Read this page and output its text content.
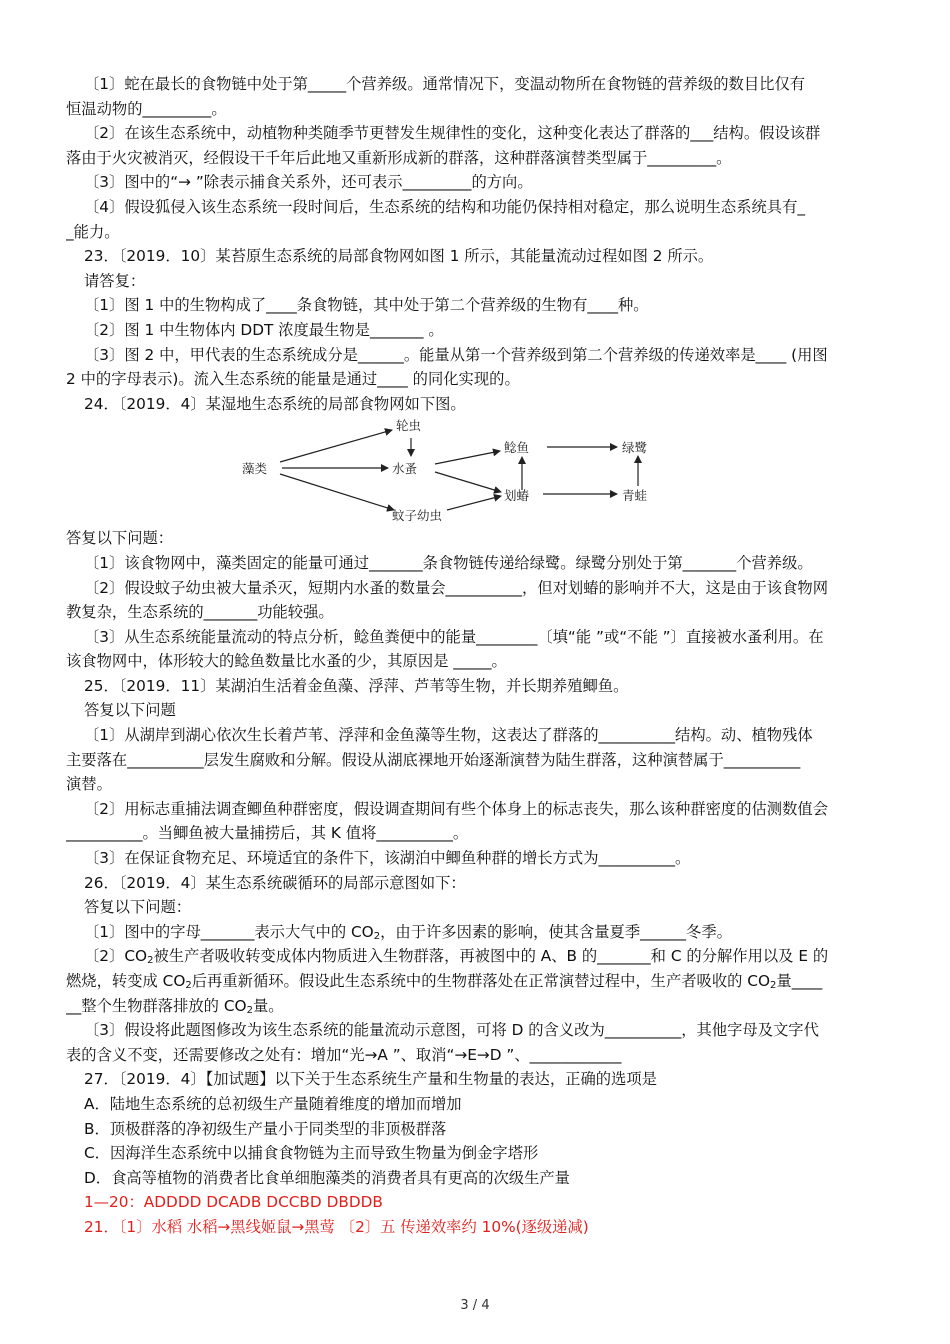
〔1〕蛇在最长的食物链中处于第_____个营养级。通常情况下，变温动物所在食物链的营养级的数目比仅有
恒温动物的_________。
〔2〕在该生态系统中，动植物种类随季节更替发生规律性的变化，这种变化表达了群落的___结构。假设该群
落由于火灾被消灭，经假设干千年后此地又重新形成新的群落，这种群落演替类型属于_________。
〔3〕图中的“→ ”除表示捕食关系外，还可表示_________的方向。
〔4〕假设狐侵入该生态系统一段时间后，生态系统的结构和功能仍保持相对稳定，那么说明生态系统具有_
_能力。
23．〔2019．10〕某苔原生态系统的局部食物网如图 1 所示，其能量流动过程如图 2 所示。
请答复：
〔1〕图 1 中的生物构成了____条食物链，其中处于第二个营养级的生物有____种。
〔2〕图 1 中生物体内 DDT 浓度最生物是_______ 。
〔3〕图 2 中，甲代表的生态系统成分是______。能量从第一个营养级到第二个营养级的传递效率是____ (用图
2 中的字母表示)。流入生态系统的能量是通过____ 的同化实现的。
24．〔2019．4〕某湿地生态系统的局部食物网如下图。
藻类
轮虫
水蚤
蚊子幼虫
鲶鱼
划蝽
绿鹭
青蛙
答复以下问题：
〔1〕该食物网中，藻类固定的能量可通过_______条食物链传递给绿鹭。绿鹭分别处于第_______个营养级。
〔2〕假设蚊子幼虫被大量杀灭，短期内水蚤的数量会__________，但对划蝽的影响并不大，这是由于该食物网
教复杂，生态系统的_______功能较强。
〔3〕从生态系统能量流动的特点分析，鲶鱼粪便中的能量________〔填“能 ”或“不能 ”〕直接被水蚤利用。在
该食物网中，体形较大的鲶鱼数量比水蚤的少，其原因是 _____。
25．〔2019．11〕某湖泊生活着金鱼藻、浮萍、芦苇等生物，并长期养殖鲫鱼。
答复以下问题
〔1〕从湖岸到湖心依次生长着芦苇、浮萍和金鱼藻等生物，这表达了群落的__________结构。动、植物残体
主要落在__________层发生腐败和分解。假设从湖底裸地开始逐渐演替为陆生群落，这种演替属于__________
演替。
〔2〕用标志重捕法调查鲫鱼种群密度，假设调查期间有些个体身上的标志丧失，那么该种群密度的估测数值会
__________。当鲫鱼被大量捕捞后，其 K 值将__________。
〔3〕在保证食物充足、环境适宜的条件下，该湖泊中鲫鱼种群的增长方式为__________。
26．〔2019．4〕某生态系统碳循环的局部示意图如下：
答复以下问题：
〔1〕图中的字母_______表示大气中的 $CO_2$，由于许多因素的影响，使其含量夏季______冬季。
〔2〕$CO_2$被生产者吸收转变成体内物质进入生物群落，再被图中的 A、B 的_______和 C 的分解作用以及 E 的
燃烧，转变成 $CO_2$后再重新循环。假设此生态系统中的生物群落处在正常演替过程中，生产者吸收的 $CO_2$量____
__整个生物群落排放的 $CO_2$量。
〔3〕假设将此题图修改为该生态系统的能量流动示意图，可将 D 的含义改为__________，其他字母及文字代
表的含义不变，还需要修改之处有：增加“光→A ”、取消“→E→D ”、____________
27．〔2019．4〕【加试题】以下关于生态系统生产量和生物量的表达，正确的选项是
A．陆地生态系统的总初级生产量随着维度的增加而增加
B．顶极群落的净初级生产量小于同类型的非顶极群落
C．因海洋生态系统中以捕食食物链为主而导致生物量为倒金字塔形
D．食高等植物的消费者比食单细胞藻类的消费者具有更高的次级生产量
1—20：ADDDD DCADB DCCBD DBDDB
21．〔1〕水稻 水稻→黑线姬鼠→黑莺 〔2〕五 传递效率约 10%(逐级递减)
3 / 4
